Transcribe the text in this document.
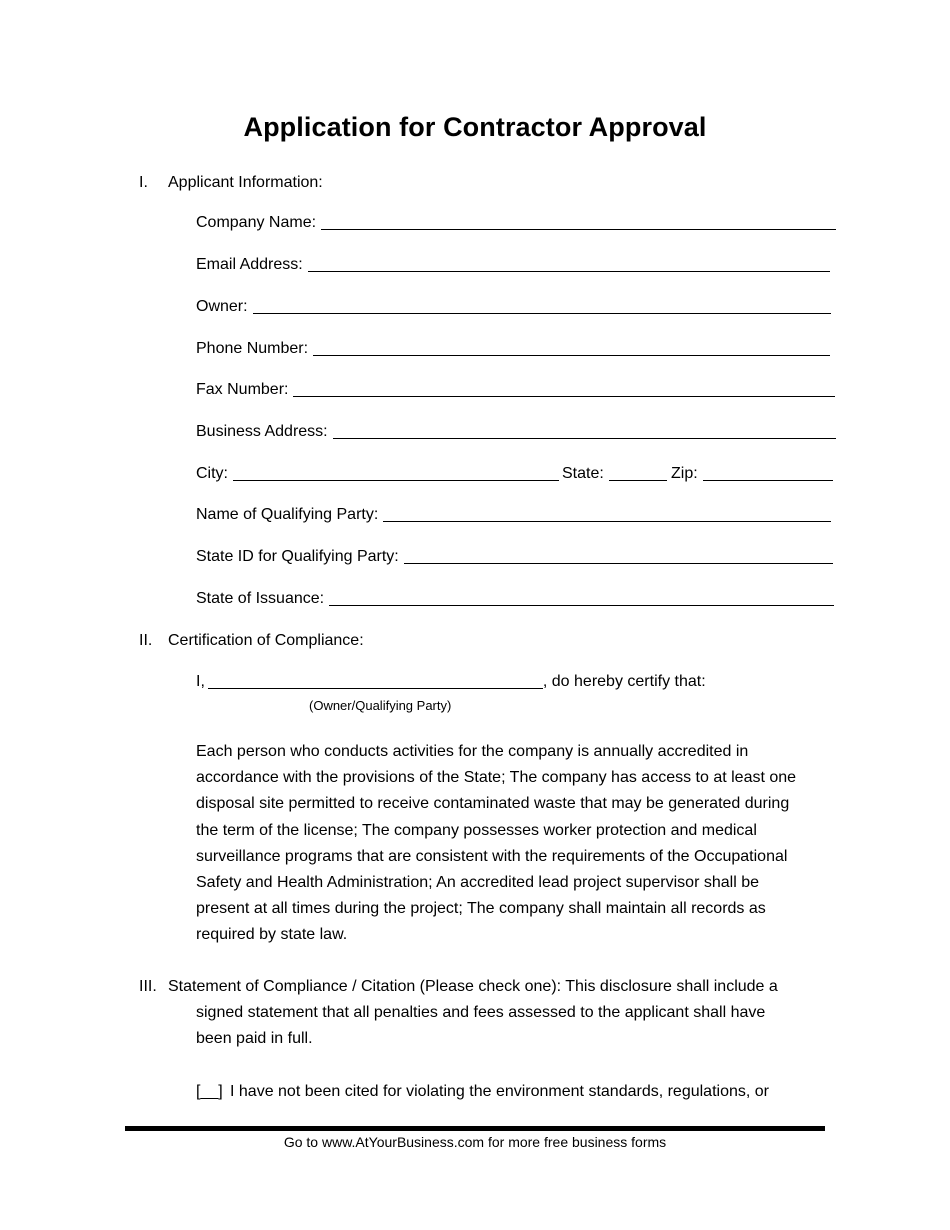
Application for Contractor Approval
I. Applicant Information:
Company Name:
Email Address:
Owner:
Phone Number:
Fax Number:
Business Address:
City:	State:	Zip:
Name of Qualifying Party:
State ID for Qualifying Party:
State of Issuance:
II. Certification of Compliance:
I,	, do hereby certify that:
(Owner/Qualifying Party)
Each person who conducts activities for the company is annually accredited in
accordance with the provisions of the State; The company has access to at least one
disposal site permitted to receive contaminated waste that may be generated during
the term of the license; The company possesses worker protection and medical
surveillance programs that are consistent with the requirements of the Occupational
Safety and Health Administration; An accredited lead project supervisor shall be
present at all times during the project; The company shall maintain all records as
required by state law.
III. Statement of Compliance / Citation (Please check one): This disclosure shall include a
signed statement that all penalties and fees assessed to the applicant shall have
been paid in full.
[__] I have not been cited for violating the environment standards, regulations, or
Go to www.AtYourBusiness.com for more free business forms
